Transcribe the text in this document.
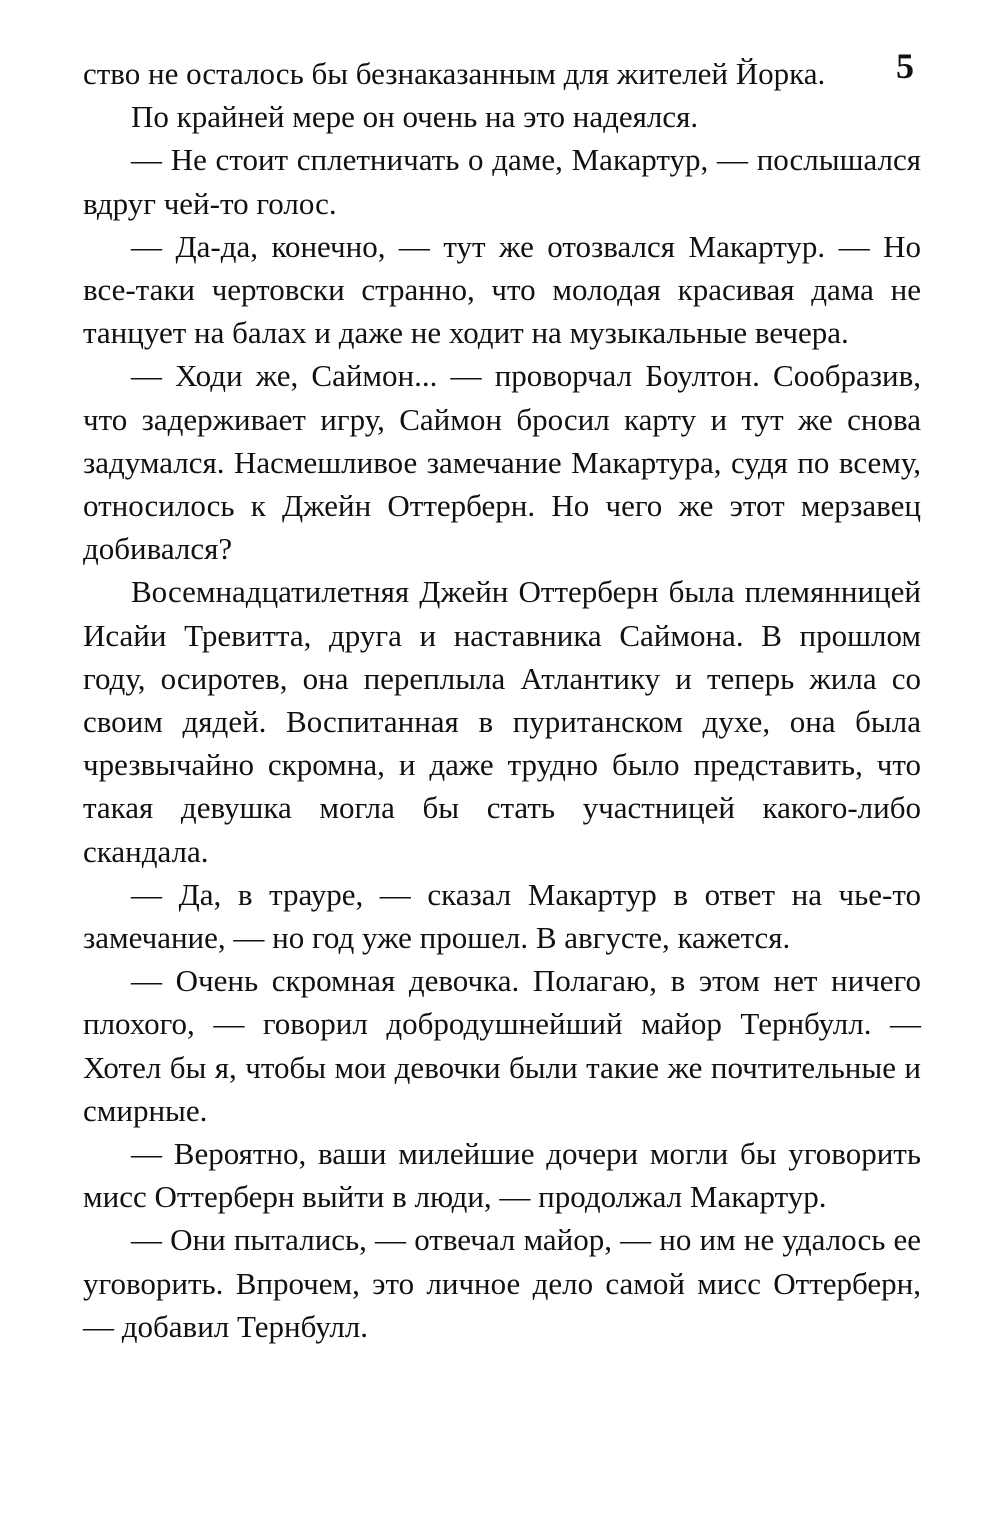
5

ство не осталось бы безнаказанным для жителей Йорка.

По крайней мере он очень на это надеялся.

— Не стоит сплетничать о даме, Макартур, — послышался вдруг чей-то голос.

— Да-да, конечно, — тут же отозвался Макартур. — Но все-таки чертовски странно, что молодая красивая дама не танцует на балах и даже не ходит на музыкальные вечера.

— Ходи же, Саймон... — проворчал Боултон. Сообразив, что задерживает игру, Саймон бросил карту и тут же снова задумался. Насмешливое замечание Макартура, судя по всему, относилось к Джейн Оттерберн. Но чего же этот мерзавец добивался?

Восемнадцатилетняя Джейн Оттерберн была племянницей Исайи Тревитта, друга и наставника Саймона. В прошлом году, осиротев, она переплыла Атлантику и теперь жила со своим дядей. Воспитанная в пуританском духе, она была чрезвычайно скромна, и даже трудно было представить, что такая девушка могла бы стать участницей какого-либо скандала.

— Да, в трауре, — сказал Макартур в ответ на чье-то замечание, — но год уже прошел. В августе, кажется.

— Очень скромная девочка. Полагаю, в этом нет ничего плохого, — говорил добродушнейший майор Тернбулл. — Хотел бы я, чтобы мои девочки были такие же почтительные и смирные.

— Вероятно, ваши милейшие дочери могли бы уговорить мисс Оттерберн выйти в люди, — продолжал Макартур.

— Они пытались, — отвечал майор, — но им не удалось ее уговорить. Впрочем, это личное дело самой мисс Оттерберн, — добавил Тернбулл.
